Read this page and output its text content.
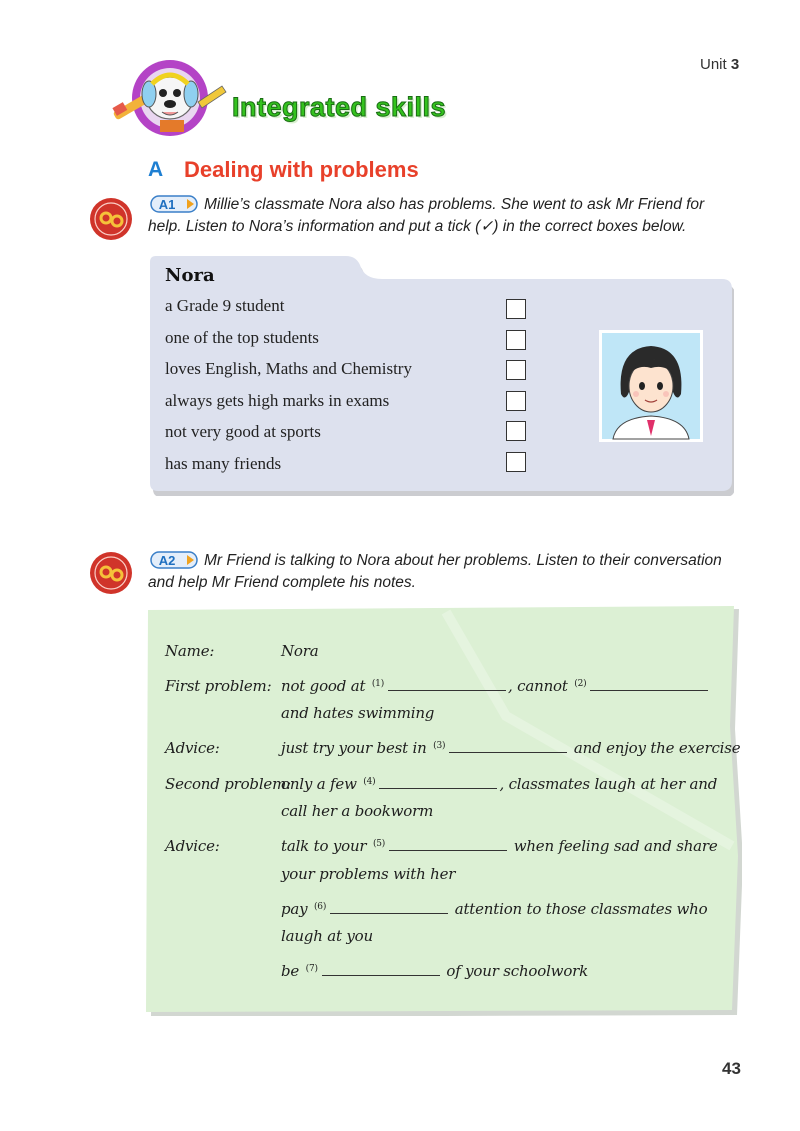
Unit 3
Integrated skills
A Dealing with problems
A1 Millie’s classmate Nora also has problems. She went to ask Mr Friend for
help. Listen to Nora’s information and put a tick (✓) in the correct boxes below.
Nora
a Grade 9 student
one of the top students
loves English, Maths and Chemistry
always gets high marks in exams
not very good at sports
has many friends
A2 Mr Friend is talking to Nora about her problems. Listen to their conversation
and help Mr Friend complete his notes.
Name:	Nora
First problem: not good at $^{(1)}$	, cannot $^{(2)}$
and hates swimming
Advice:	just try your best in $^{(3)}$	and enjoy the exercise
Second problem:
only a few $^{(4)}$	, classmates laugh at her and
call her a bookworm
Advice:	talk to your $^{(5)}$	when feeling sad and share
your problems with her
pay $^{(6)}$	attention to those classmates who
laugh at you
be $^{(7)}$	of your schoolwork
43
